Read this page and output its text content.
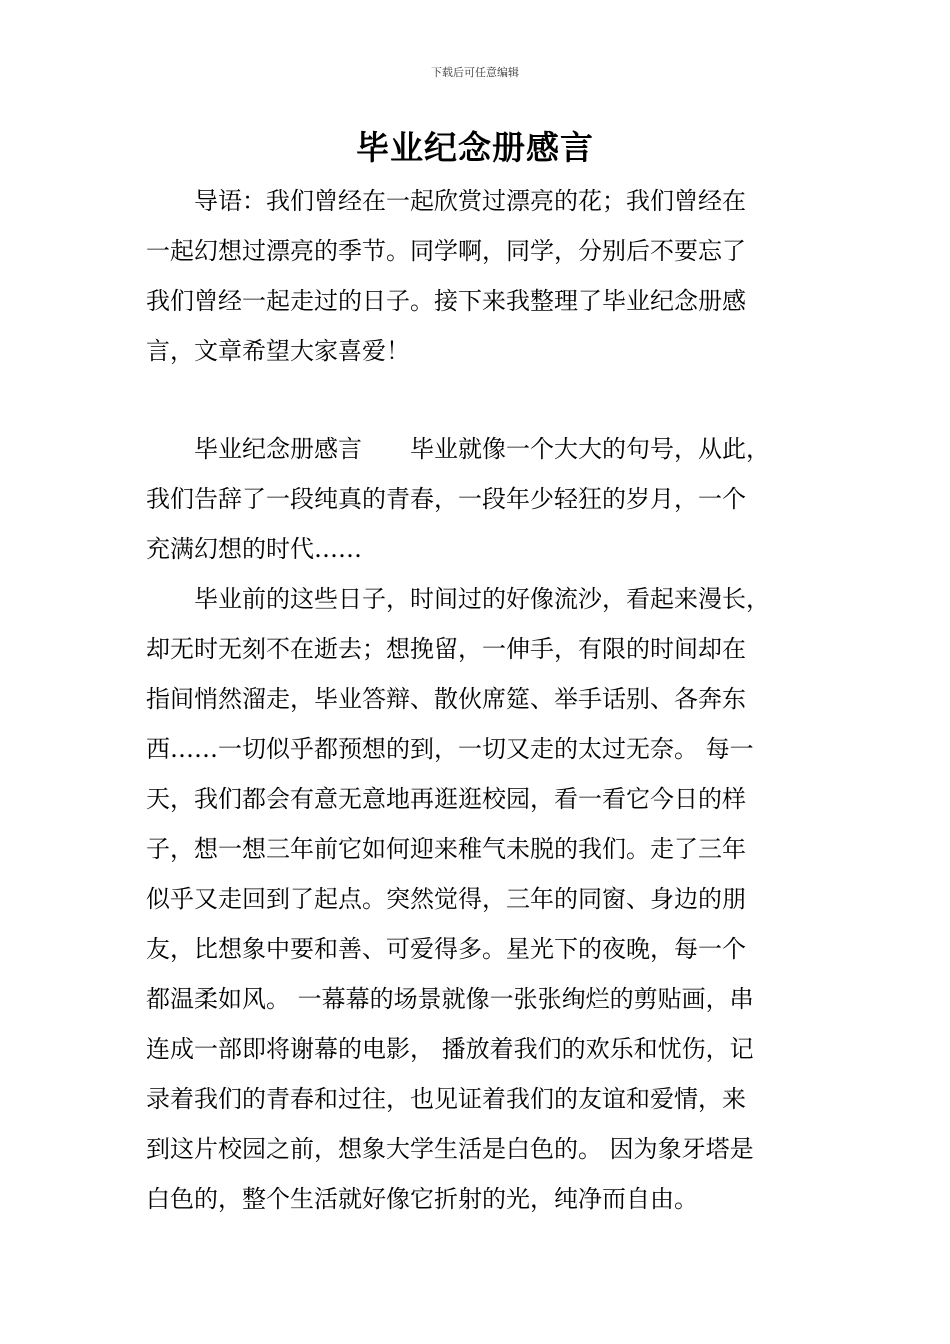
下载后可任意编辑
毕业纪念册感言
　　导语：我们曾经在一起欣赏过漂亮的花；我们曾经在
一起幻想过漂亮的季节。同学啊，同学，分别后不要忘了
我们曾经一起走过的日子。接下来我整理了毕业纪念册感
言，文章希望大家喜爱！
　　毕业纪念册感言　　毕业就像一个大大的句号，从此，
我们告辞了一段纯真的青春，一段年少轻狂的岁月，一个
充满幻想的时代……
　　毕业前的这些日子，时间过的好像流沙，看起来漫长，
却无时无刻不在逝去；想挽留，一伸手，有限的时间却在
指间悄然溜走，毕业答辩、散伙席筵、举手话别、各奔东
西……一切似乎都预想的到，一切又走的太过无奈。 每一
天，我们都会有意无意地再逛逛校园，看一看它今日的样
子，想一想三年前它如何迎来稚气未脱的我们。走了三年
似乎又走回到了起点。突然觉得，三年的同窗、身边的朋
友，比想象中要和善、可爱得多。星光下的夜晚，每一个
都温柔如风。 一幕幕的场景就像一张张绚烂的剪贴画，串
连成一部即将谢幕的电影， 播放着我们的欢乐和忧伤，记
录着我们的青春和过往，也见证着我们的友谊和爱情，来
到这片校园之前，想象大学生活是白色的。 因为象牙塔是
白色的，整个生活就好像它折射的光，纯净而自由。
